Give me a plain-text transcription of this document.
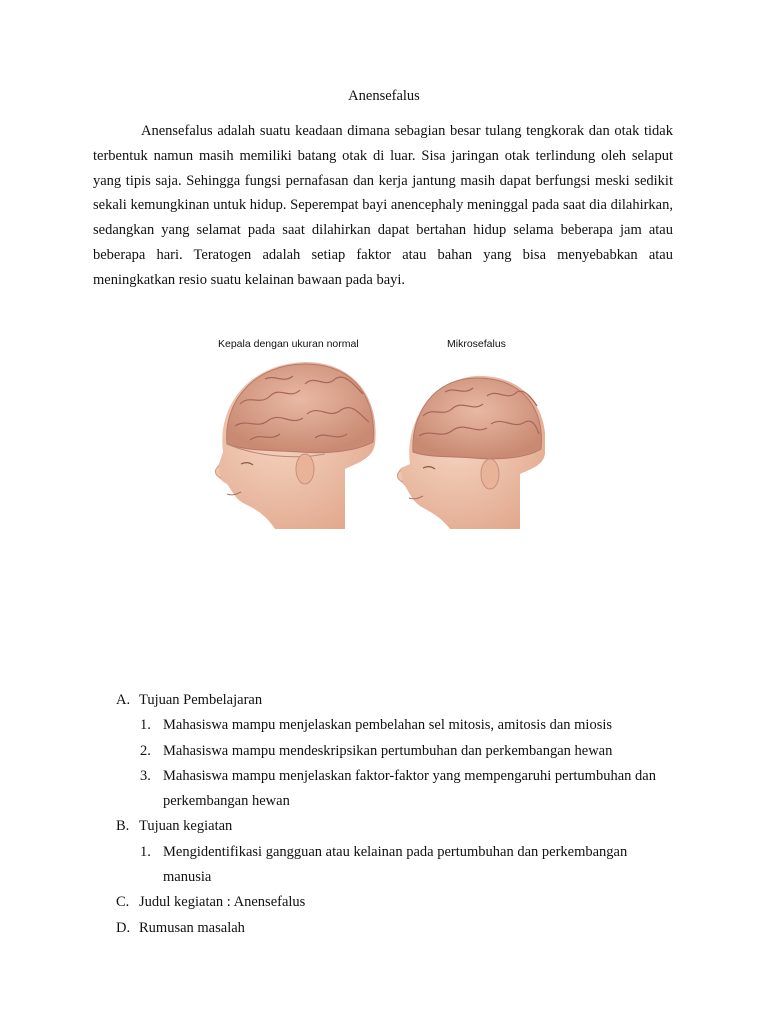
Anensefalus

Anensefalus adalah suatu keadaan dimana sebagian besar tulang tengkorak dan otak tidak terbentuk namun masih memiliki batang otak di luar. Sisa jaringan otak terlindung oleh selaput yang tipis saja. Sehingga fungsi pernafasan dan kerja jantung masih dapat berfungsi meski sedikit sekali kemungkinan untuk hidup. Seperempat bayi anencephaly meninggal pada saat dia dilahirkan, sedangkan yang selamat pada saat dilahirkan dapat bertahan hidup selama beberapa jam atau beberapa hari. Teratogen adalah setiap faktor atau bahan yang bisa menyebabkan atau meningkatkan resio suatu kelainan bawaan pada bayi.

Kepala dengan ukuran normal	Mikrosefalus
A. Tujuan Pembelajaran
1. Mahasiswa mampu menjelaskan pembelahan sel mitosis, amitosis dan miosis
2. Mahasiswa mampu mendeskripsikan pertumbuhan dan perkembangan hewan
3. Mahasiswa mampu menjelaskan faktor-faktor yang mempengaruhi pertumbuhan dan perkembangan hewan
B. Tujuan kegiatan
1. Mengidentifikasi gangguan atau kelainan pada pertumbuhan dan perkembangan manusia
C. Judul kegiatan : Anensefalus
D. Rumusan masalah
